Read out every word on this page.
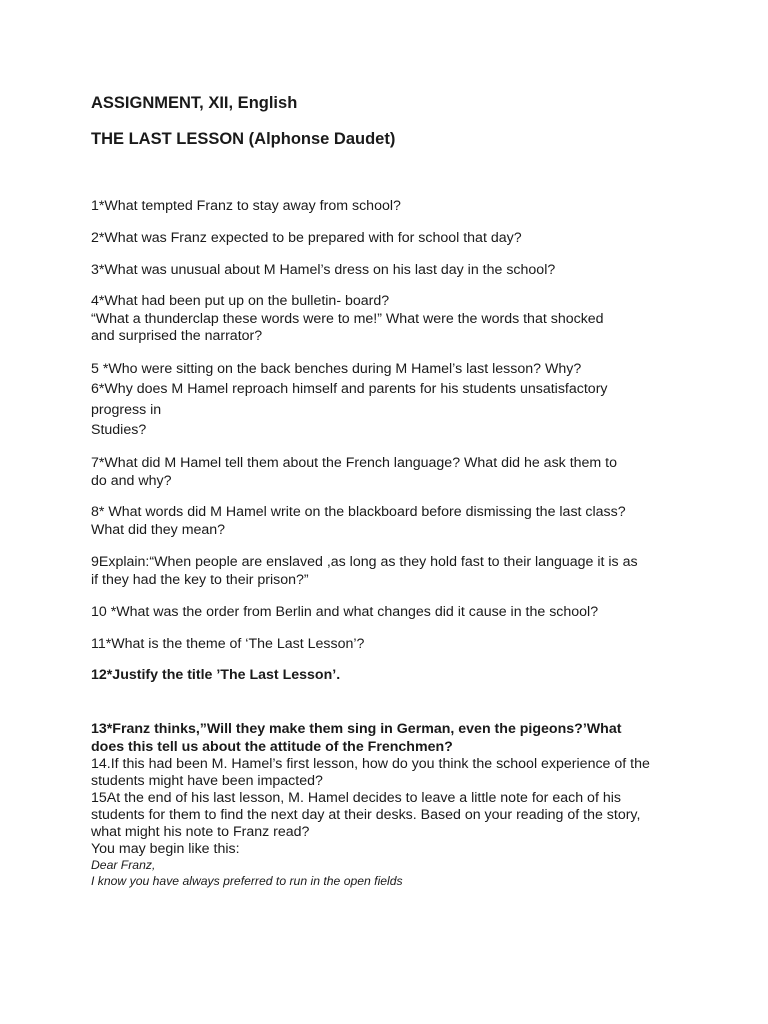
ASSIGNMENT, XII, English
THE LAST LESSON (Alphonse Daudet)

1*What tempted Franz to stay away from school?

2*What was Franz expected to be prepared with for school that day?

3*What was unusual about M Hamel’s dress on his last day in the school?

4*What had been put up on the bulletin- board?

“What a thunderclap these words were to me!” What were the words that shocked

and surprised the narrator?

5 *Who were sitting on the back benches during M Hamel’s last lesson? Why?

6*Why does M Hamel reproach himself and parents for his students unsatisfactory

progress in

Studies?

7*What did M Hamel tell them about the French language? What did he ask them to

do and why?

8* What words did M Hamel write on the blackboard before dismissing the last class?

What did they mean?

9Explain:“When people are enslaved ,as long as they hold fast to their language it is as

if they had the key to their prison?”

10 *What was the order from Berlin and what changes did it cause in the school?

11*What is the theme of ‘The Last Lesson’?

12*Justify the title ’The Last Lesson’.

13*Franz thinks,”Will they make them sing in German, even the pigeons?’What

does this tell us about the attitude of the Frenchmen?

14.If this had been M. Hamel’s first lesson, how do you think the school experience of the

students might have been impacted?

15At the end of his last lesson, M. Hamel decides to leave a little note for each of his

students for them to find the next day at their desks. Based on your reading of the story,

what might his note to Franz read?

You may begin like this:

Dear Franz,

I know you have always preferred to run in the open fields
